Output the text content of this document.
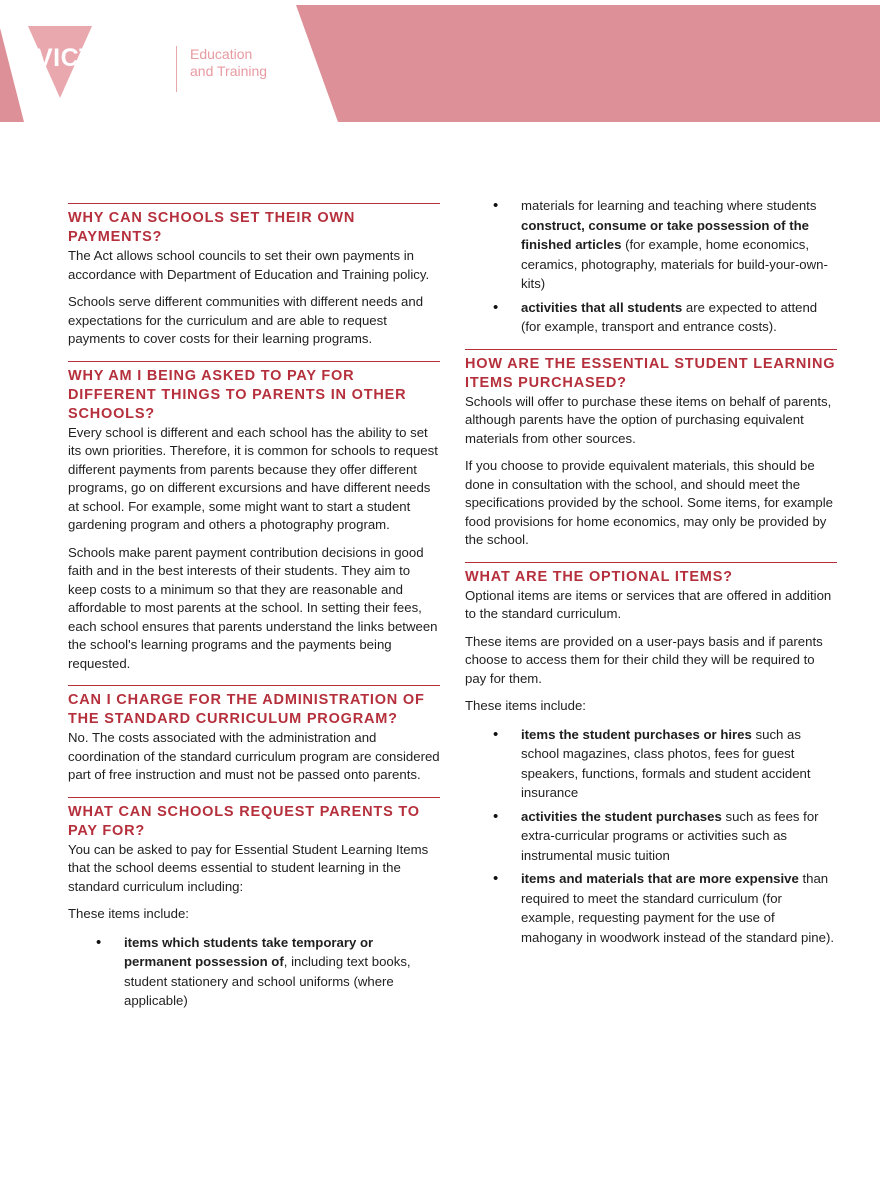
VICTORIA
State
Government
Education
and Training
WHY CAN SCHOOLS SET THEIR OWN PAYMENTS?

The Act allows school councils to set their own payments in accordance with Department of Education and Training policy.

Schools serve different communities with different needs and expectations for the curriculum and are able to request payments to cover costs for their learning programs.

WHY AM I BEING ASKED TO PAY FOR DIFFERENT THINGS TO PARENTS IN OTHER SCHOOLS?

Every school is different and each school has the ability to set its own priorities. Therefore, it is common for schools to request different payments from parents because they offer different programs, go on different excursions and have different needs at school. For example, some might want to start a student gardening program and others a photography program.

Schools make parent payment contribution decisions in good faith and in the best interests of their students. They aim to keep costs to a minimum so that they are reasonable and affordable to most parents at the school. In setting their fees, each school ensures that parents understand the links between the school's learning programs and the payments being requested.

CAN I CHARGE FOR THE ADMINISTRATION OF THE STANDARD CURRICULUM PROGRAM?

No. The costs associated with the administration and coordination of the standard curriculum program are considered part of free instruction and must not be passed onto parents.

WHAT CAN SCHOOLS REQUEST PARENTS TO PAY FOR?

You can be asked to pay for Essential Student Learning Items that the school deems essential to student learning in the standard curriculum including:

These items include:

• items which students take temporary or permanent possession of, including text books, student stationery and school uniforms (where applicable)
• materials for learning and teaching where students construct, consume or take possession of the finished articles (for example, home economics, ceramics, photography, materials for build-your-own-kits)
• activities that all students are expected to attend (for example, transport and entrance costs).
HOW ARE THE ESSENTIAL STUDENT LEARNING ITEMS PURCHASED?

Schools will offer to purchase these items on behalf of parents, although parents have the option of purchasing equivalent materials from other sources.

If you choose to provide equivalent materials, this should be done in consultation with the school, and should meet the specifications provided by the school. Some items, for example food provisions for home economics, may only be provided by the school.

WHAT ARE THE OPTIONAL ITEMS?

Optional items are items or services that are offered in addition to the standard curriculum.

These items are provided on a user-pays basis and if parents choose to access them for their child they will be required to pay for them.

These items include:

• items the student purchases or hires such as school magazines, class photos, fees for guest speakers, functions, formals and student accident insurance
• activities the student purchases such as fees for extra-curricular programs or activities such as instrumental music tuition
• items and materials that are more expensive than required to meet the standard curriculum (for example, requesting payment for the use of mahogany in woodwork instead of the standard pine).
